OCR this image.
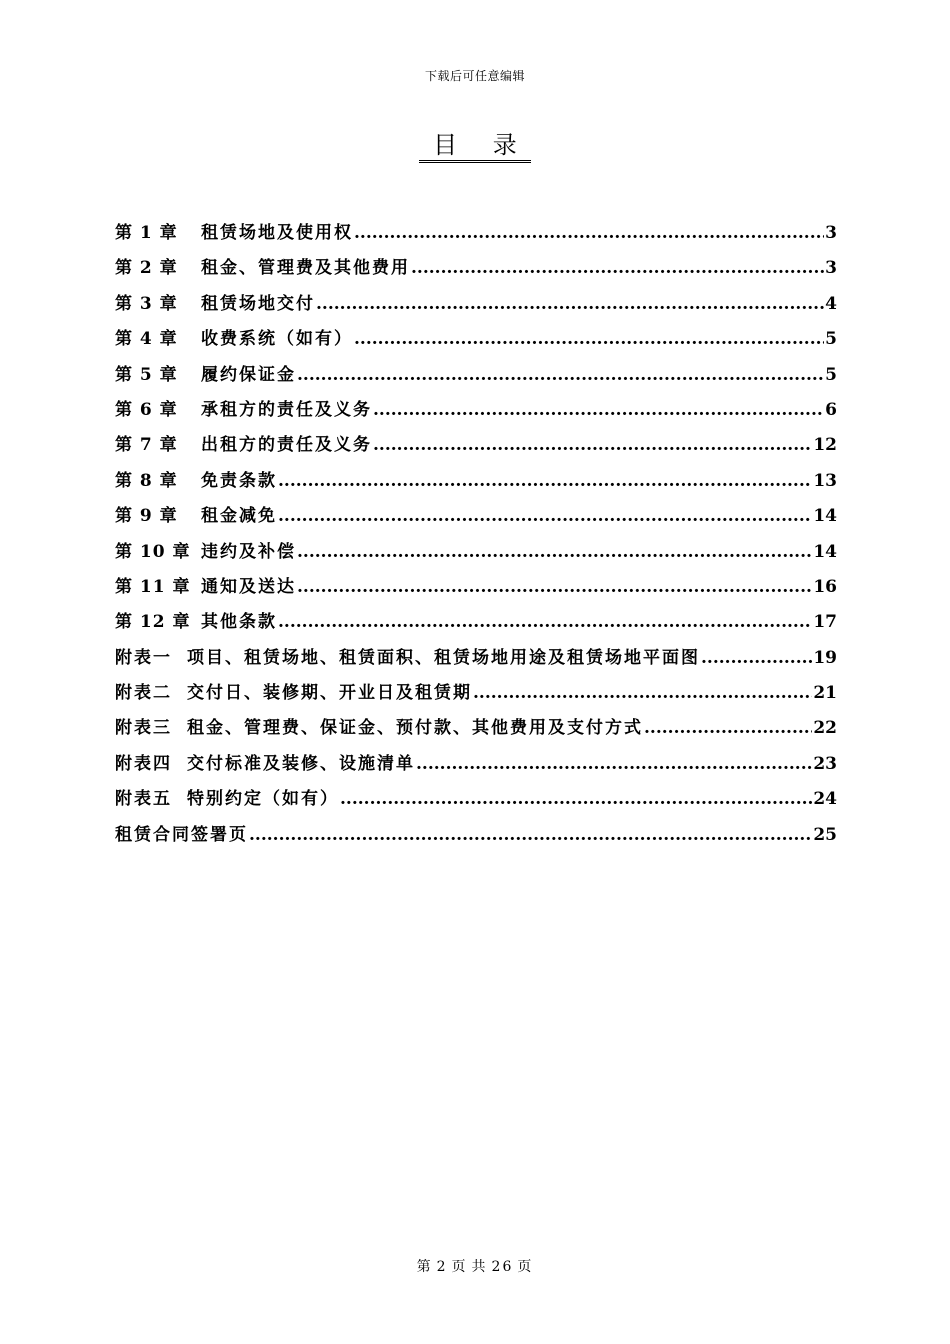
下载后可任意编辑
目 录
第 1 章	租赁场地及使用权 .....	3
第 2 章	租金、管理费及其他费用 .....	3
第 3 章	租赁场地交付 .....	4
第 4 章	收费系统（如有） .....	5
第 5 章	履约保证金 .....	5
第 6 章	承租方的责任及义务 .....	6
第 7 章	出租方的责任及义务 .....	12
第 8 章	免责条款 .....	13
第 9 章	租金减免 .....	14
第 10 章 违约及补偿 .....	14
第 11 章 通知及送达 .....	16
第 12 章 其他条款 .....	17
附表一 项目、租赁场地、租赁面积、租赁场地用途及租赁场地平面图 .....	19
附表二 交付日、装修期、开业日及租赁期 .....	21
附表三 租金、管理费、保证金、预付款、其他费用及支付方式 .....	22
附表四 交付标准及装修、设施清单 .....	23
附表五 特别约定（如有） .....	24
租赁合同签署页 .....	25
第 2 页 共 26 页
